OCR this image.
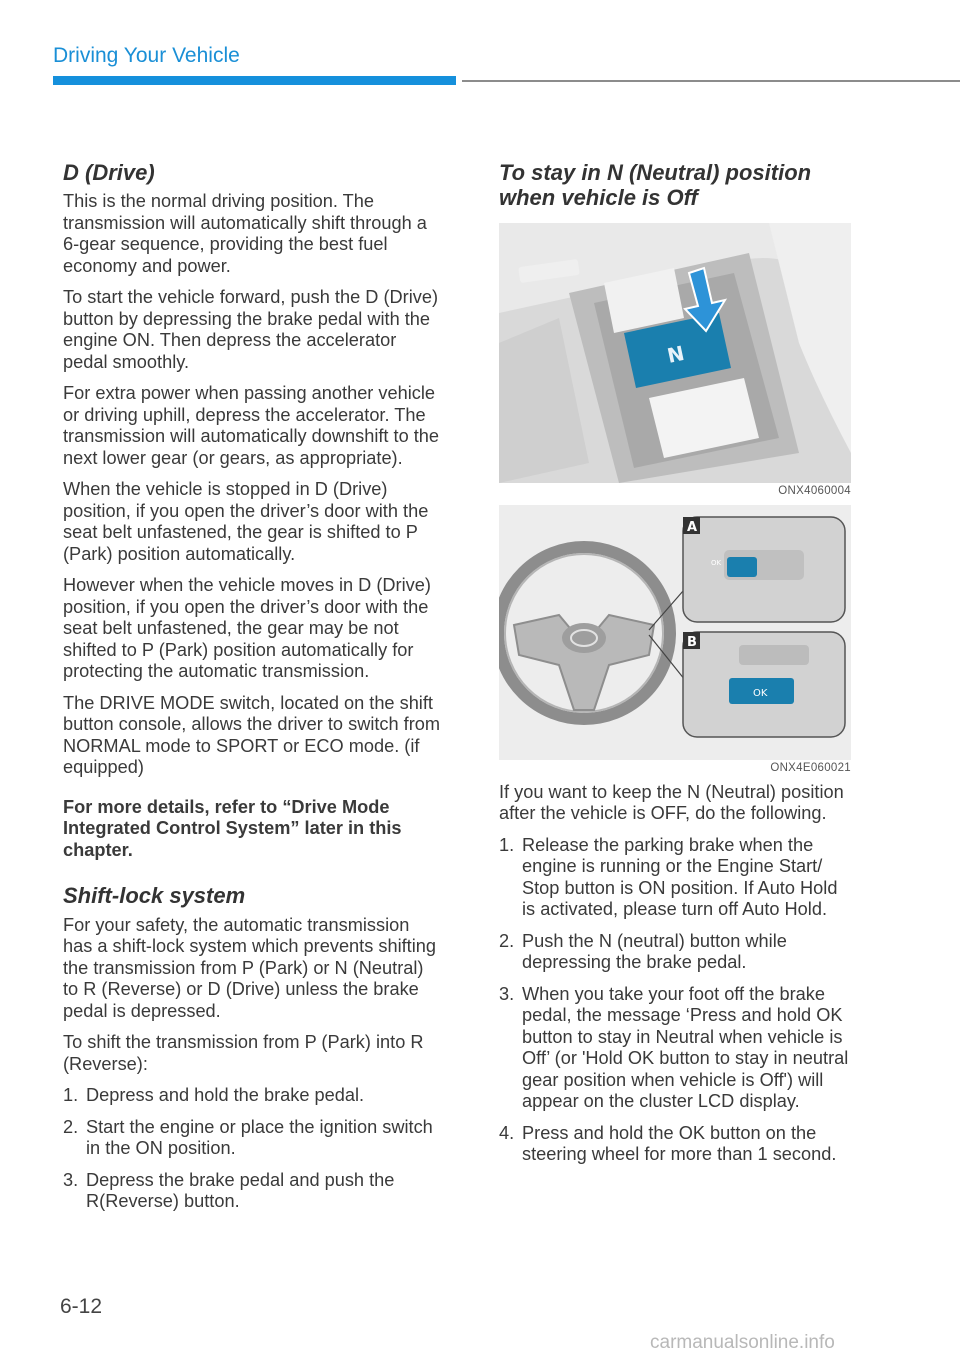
Driving Your Vehicle
D (Drive)

This is the normal driving position. The transmission will automatically shift through a 6-gear sequence, providing the best fuel economy and power.

To start the vehicle forward, push the D (Drive) button by depressing the brake pedal with the engine ON. Then depress the accelerator pedal smoothly.

For extra power when passing another vehicle or driving uphill, depress the accelerator. The transmission will automatically downshift to the next lower gear (or gears, as appropriate).

When the vehicle is stopped in D (Drive) position, if you open the driver’s door with the seat belt unfastened, the gear is shifted to P (Park) position automatically.

However when the vehicle moves in D (Drive) position, if you open the driver’s door with the seat belt unfastened, the gear may be not shifted to P (Park) position automatically for protecting the automatic transmission.

The DRIVE MODE switch, located on the shift button console, allows the driver to switch from NORMAL mode to SPORT or ECO mode. (if equipped)

For more details, refer to “Drive Mode Integrated Control System” later in this chapter.

Shift-lock system

For your safety, the automatic transmission has a shift-lock system which prevents shifting the transmission from P (Park) or N (Neutral) to R (Reverse) or D (Drive) unless the brake pedal is depressed.

To shift the transmission from P (Park) into R (Reverse):

1. Depress and hold the brake pedal.
2. Start the engine or place the ignition switch in the ON position.
3. Depress the brake pedal and push the R(Reverse) button.
To stay in N (Neutral) position when vehicle is Off
N
ONX4060004
OK
A
OK
B
ONX4E060021

If you want to keep the N (Neutral) position after the vehicle is OFF, do the following.

1. Release the parking brake when the engine is running or the Engine Start/ Stop button is ON position. If Auto Hold is activated, please turn off Auto Hold.
2. Push the N (neutral) button while depressing the brake pedal.
3. When you take your foot off the brake pedal, the message ‘Press and hold OK button to stay in Neutral when vehicle is Off’ (or 'Hold OK button to stay in neutral gear position when vehicle is Off') will appear on the cluster LCD display.
4. Press and hold the OK button on the steering wheel for more than 1 second.
6-12
carmanualsonline.info
